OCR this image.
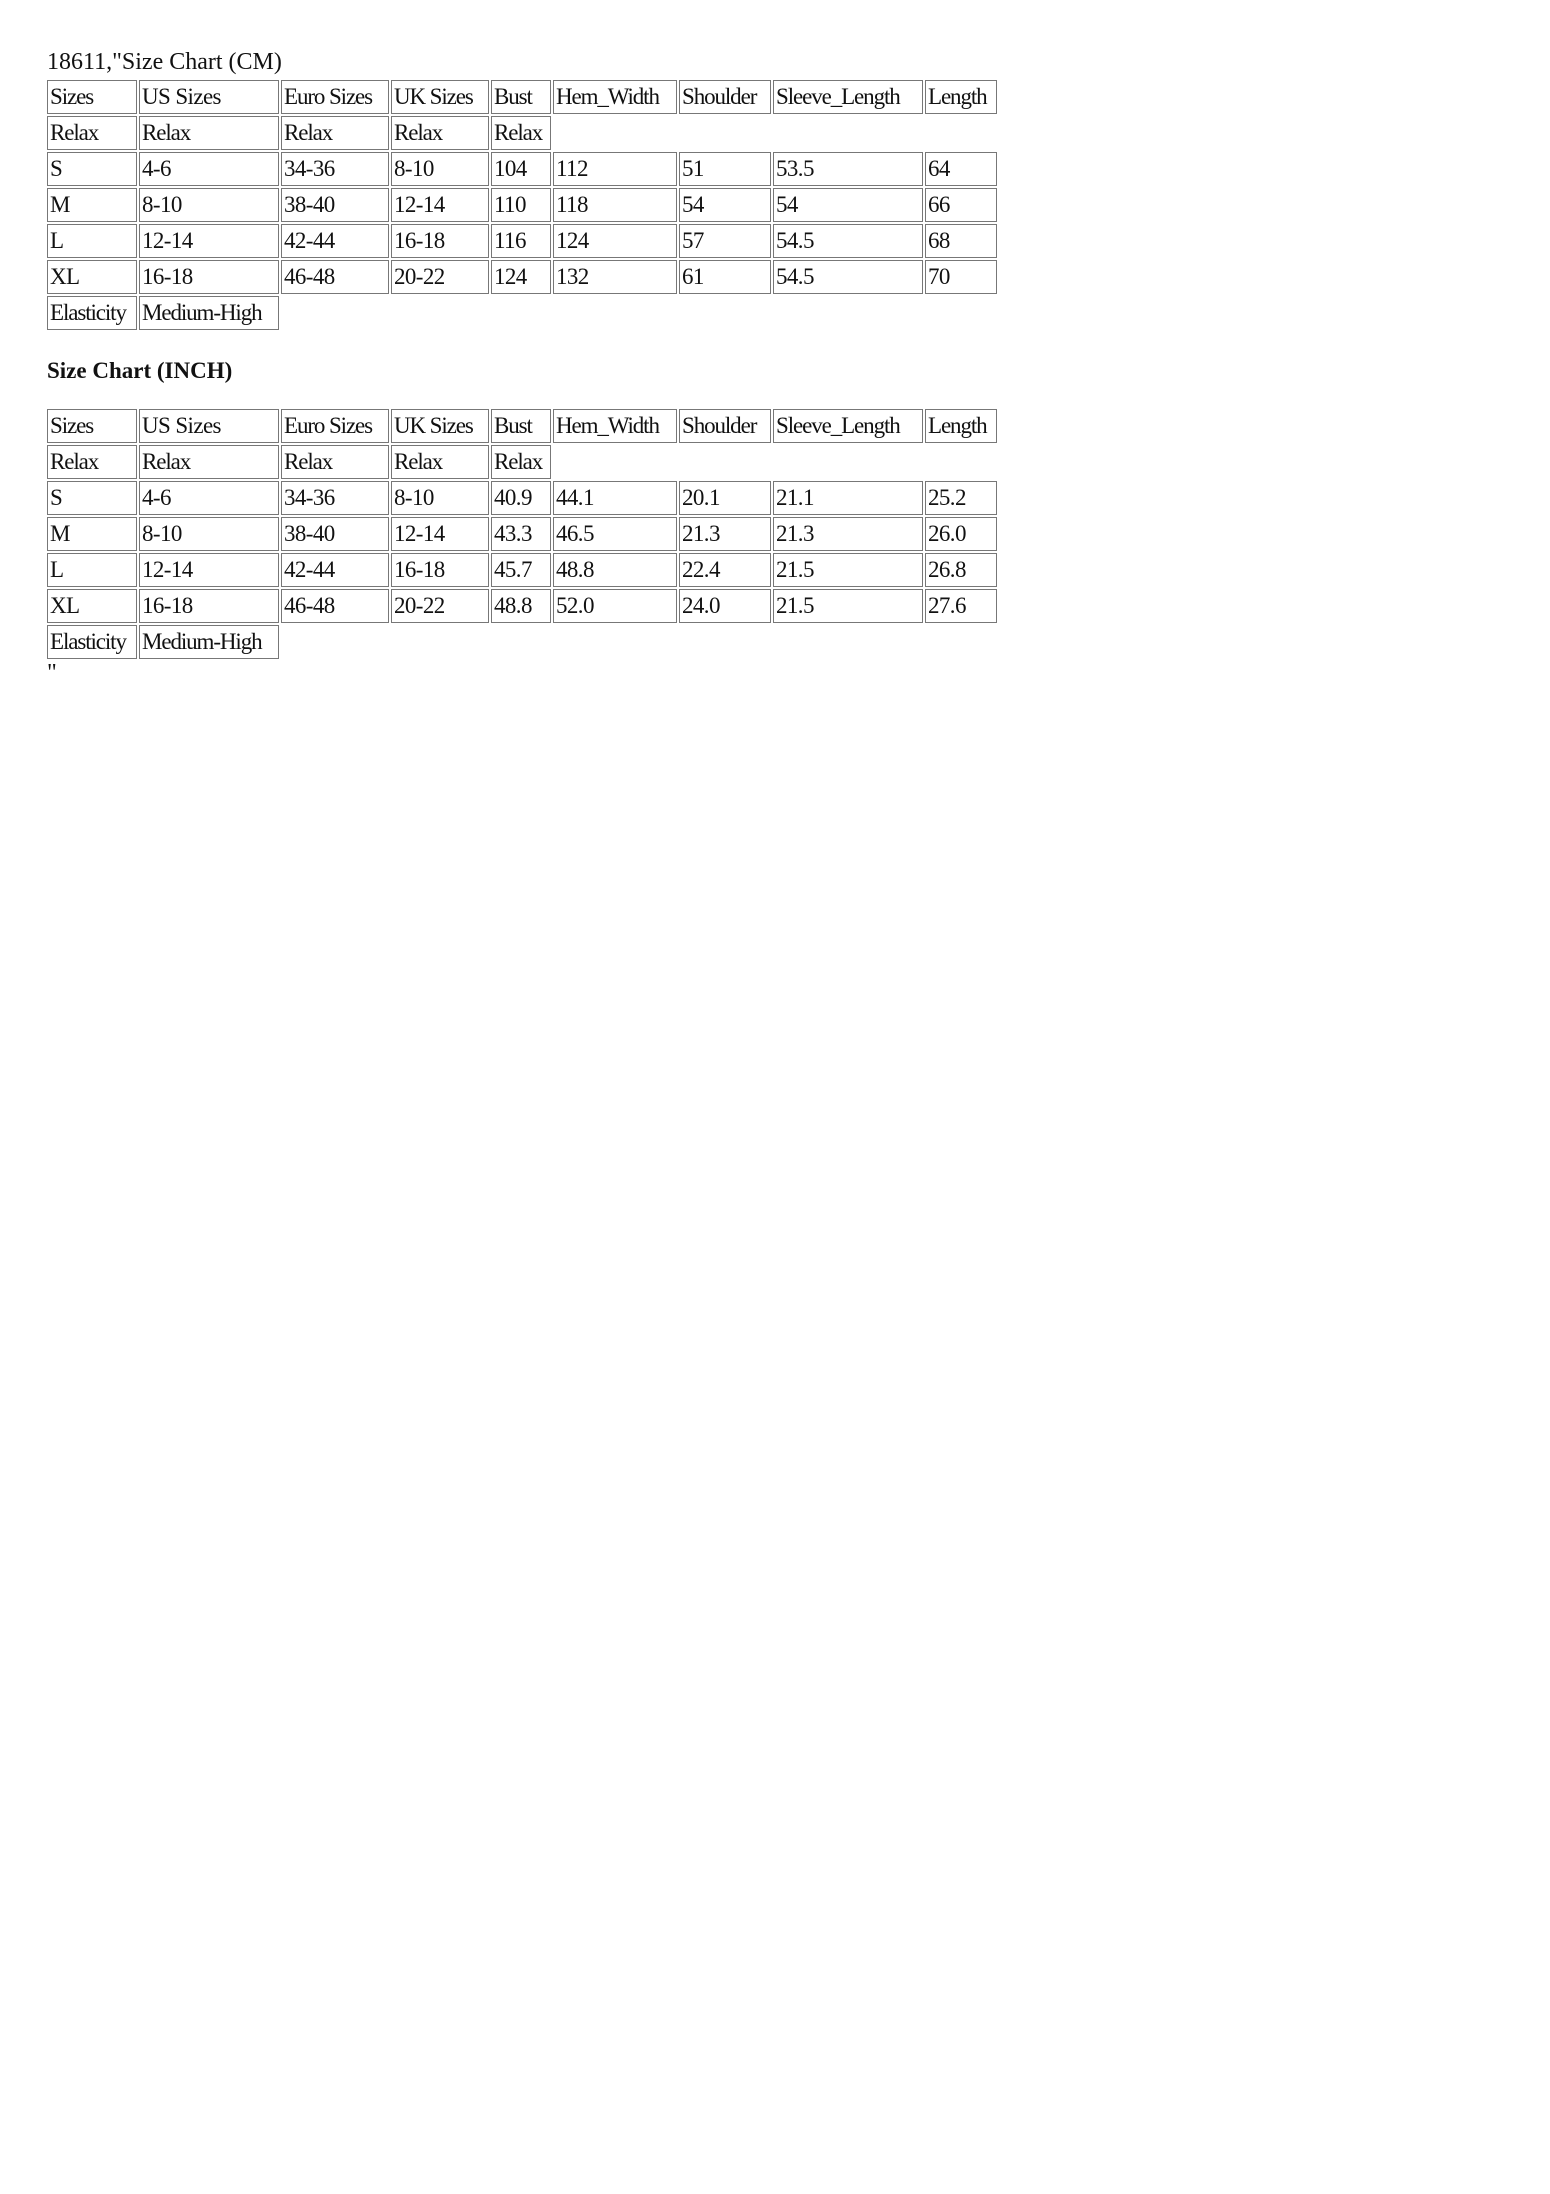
18611,"Size Chart (CM)
Sizes	US Sizes	Euro Sizes	UK Sizes	Bust	Hem_Width	Shoulder	Sleeve_Length	Length
Relax	Relax	Relax	Relax	Relax				
S	4-6	34-36	8-10	104	112	51	53.5	64
M	8-10	38-40	12-14	110	118	54	54	66
L	12-14	42-44	16-18	116	124	57	54.5	68
XL	16-18	46-48	20-22	124	132	61	54.5	70
Elasticity	Medium-High							
Size Chart (INCH)
Sizes	US Sizes	Euro Sizes	UK Sizes	Bust	Hem_Width	Shoulder	Sleeve_Length	Length
Relax	Relax	Relax	Relax	Relax				
S	4-6	34-36	8-10	40.9	44.1	20.1	21.1	25.2
M	8-10	38-40	12-14	43.3	46.5	21.3	21.3	26.0
L	12-14	42-44	16-18	45.7	48.8	22.4	21.5	26.8
XL	16-18	46-48	20-22	48.8	52.0	24.0	21.5	27.6
Elasticity	Medium-High							
"
